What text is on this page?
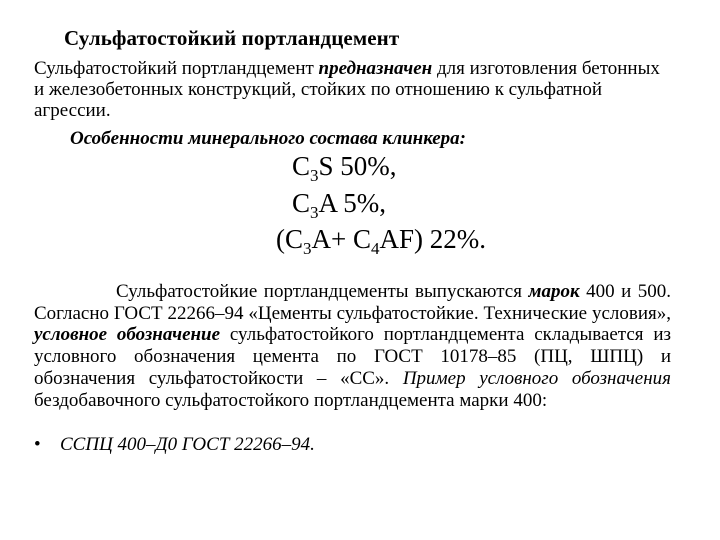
Сульфатостойкий портландцемент
Сульфатостойкий портландцемент предназначен для изготовления бетонных и железобетонных конструкций, стойких по отношению к сульфатной агрессии.
Особенности минерального состава клинкера:
$C_3S$ 50%,
$C_3A$ 5%,
$(C_3A+ C_4AF)$ 22%.
Сульфатостойкие портландцементы выпускаются марок 400 и 500. Согласно ГОСТ 22266–94 «Цементы сульфатостойкие. Технические условия», условное обозначение сульфатостойкого портландцемента складывается из условного обозначения цемента по ГОСТ 10178–85 (ПЦ, ШПЦ) и обозначения сульфатостойкости – «СС». Пример условного обозначения бездобавочного сульфатостойкого портландцемента марки 400:
• ССПЦ 400–Д0 ГОСТ 22266–94.
